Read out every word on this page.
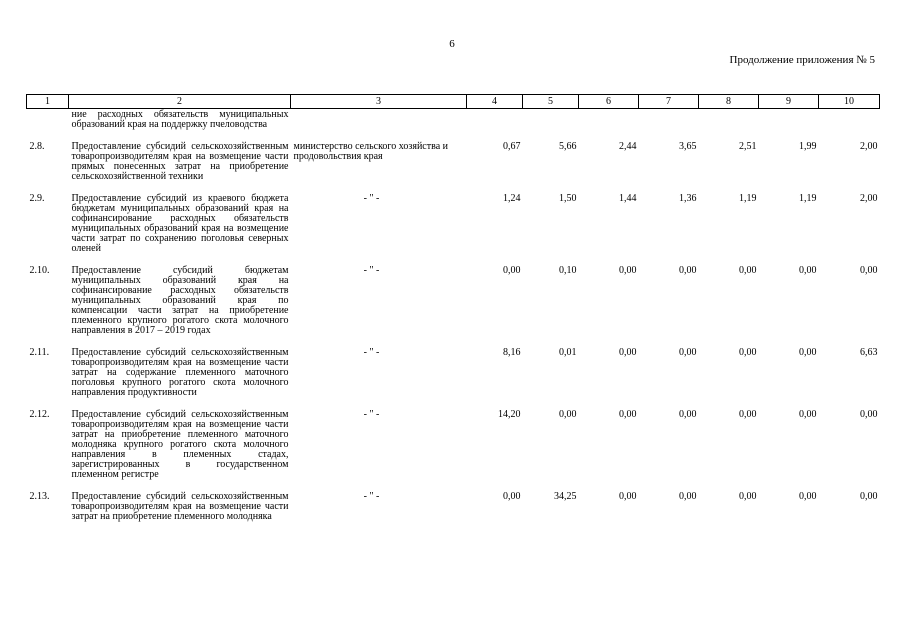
6
Продолжение приложения № 5
1	2	3	4	5	6	7	8	9	10
	ние расходных обязательств муниципальных образований края на поддержку пчеловодства								
2.8.	Предоставление субсидий сельскохозяйственным товаропроизводителям края на возмещение части прямых понесенных затрат на приобретение сельскохозяйственной техники	министерство сельского хозяйства и продовольствия края	0,67	5,66	2,44	3,65	2,51	1,99	2,00
2.9.	Предоставление субсидий из краевого бюджета бюджетам муниципальных образований края на софинансирование расходных обязательств муниципальных образований края на возмещение части затрат по сохранению поголовья северных оленей	- " -	1,24	1,50	1,44	1,36	1,19	1,19	2,00
2.10.	Предоставление субсидий бюджетам муниципальных образований края на софинансирование расходных обязательств муниципальных образований края по компенсации части затрат на приобретение племенного крупного рогатого скота молочного направления в 2017 – 2019 годах	- " -	0,00	0,10	0,00	0,00	0,00	0,00	0,00
2.11.	Предоставление субсидий сельскохозяйственным товаропроизводителям края на возмещение части затрат на содержание племенного маточного поголовья крупного рогатого скота молочного направления продуктивности	- " -	8,16	0,01	0,00	0,00	0,00	0,00	6,63
2.12.	Предоставление субсидий сельскохозяйственным товаропроизводителям края на возмещение части затрат на приобретение племенного маточного молодняка крупного рогатого скота молочного направления в племенных стадах, зарегистрированных в государственном племенном регистре	- " -	14,20	0,00	0,00	0,00	0,00	0,00	0,00
2.13.	Предоставление субсидий сельскохозяйственным товаропроизводителям края на возмещение части затрат на приобретение племенного молодняка	- " -	0,00	34,25	0,00	0,00	0,00	0,00	0,00
